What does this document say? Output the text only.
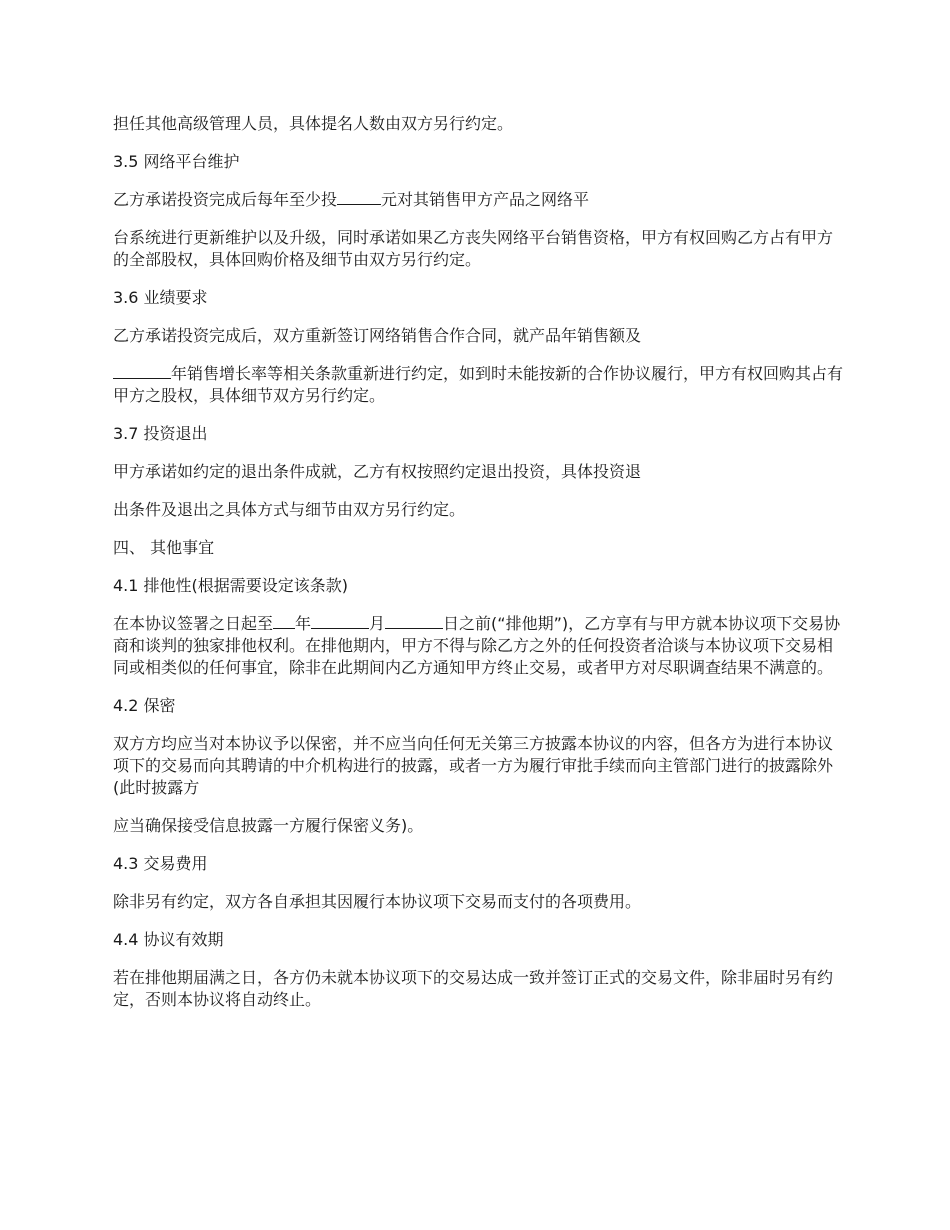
担任其他高级管理人员，具体提名人数由双方另行约定。

3.5 网络平台维护

乙方承诺投资完成后每年至少投	元对其销售甲方产品之网络平

台系统进行更新维护以及升级，同时承诺如果乙方丧失网络平台销售资格，甲方有权回购乙方占有甲方的全部股权，具体回购价格及细节由双方另行约定。

3.6 业绩要求

乙方承诺投资完成后，双方重新签订网络销售合作合同，就产品年销售额及

年销售增长率等相关条款重新进行约定，如到时未能按新的合作协议履行，甲方有权回购其占有甲方之股权，具体细节双方另行约定。

3.7 投资退出

甲方承诺如约定的退出条件成就，乙方有权按照约定退出投资，具体投资退

出条件及退出之具体方式与细节由双方另行约定。

四、 其他事宜

4.1 排他性(根据需要设定该条款)

在本协议签署之日起至 年	月	日之前(“排他期”)，乙方享有与甲方就本协议项下交易协商和谈判的独家排他权利。在排他期内，甲方不得与除乙方之外的任何投资者洽谈与本协议项下交易相同或相类似的任何事宜，除非在此期间内乙方通知甲方终止交易，或者甲方对尽职调查结果不满意的。

4.2 保密

双方方均应当对本协议予以保密，并不应当向任何无关第三方披露本协议的内容，但各方为进行本协议项下的交易而向其聘请的中介机构进行的披露，或者一方为履行审批手续而向主管部门进行的披露除外(此时披露方

应当确保接受信息披露一方履行保密义务)。

4.3 交易费用

除非另有约定，双方各自承担其因履行本协议项下交易而支付的各项费用。

4.4 协议有效期

若在排他期届满之日，各方仍未就本协议项下的交易达成一致并签订正式的交易文件，除非届时另有约定，否则本协议将自动终止。
